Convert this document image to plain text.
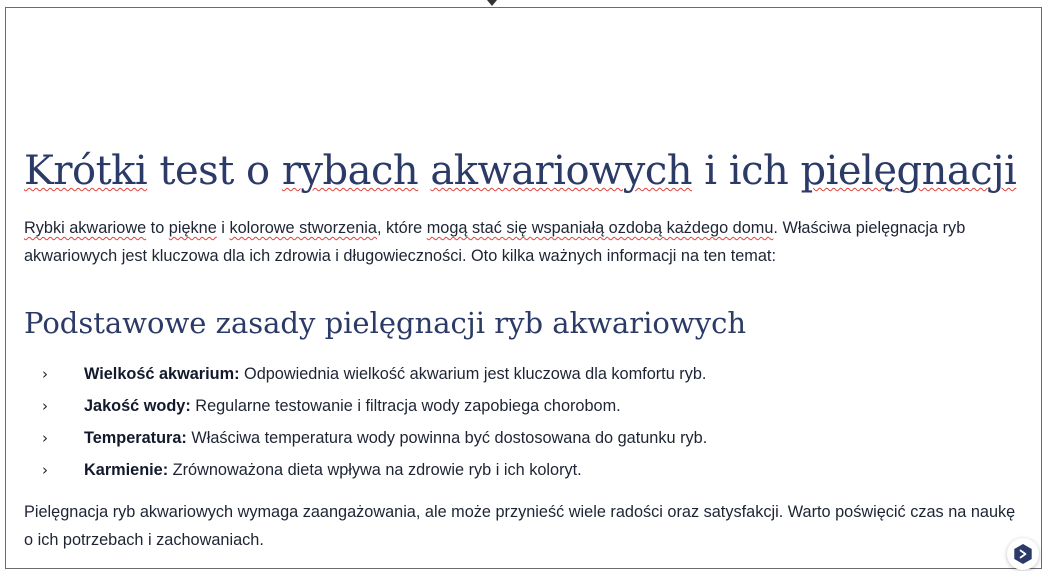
Krótki test o rybach akwariowych i ich pielęgnacji

Rybki akwariowe to piękne i kolorowe stworzenia, które mogą stać się wspaniałą ozdobą każdego domu. Właściwa pielęgnacja ryb akwariowych jest kluczowa dla ich zdrowia i długowieczności. Oto kilka ważnych informacji na ten temat:

Podstawowe zasady pielęgnacji ryb akwariowych
› Wielkość akwarium: Odpowiednia wielkość akwarium jest kluczowa dla komfortu ryb.
› Jakość wody: Regularne testowanie i filtracja wody zapobiega chorobom.
› Temperatura: Właściwa temperatura wody powinna być dostosowana do gatunku ryb.
› Karmienie: Zrównoważona dieta wpływa na zdrowie ryb i ich koloryt.

Pielęgnacja ryb akwariowych wymaga zaangażowania, ale może przynieść wiele radości oraz satysfakcji. Warto poświęcić czas na naukę o ich potrzebach i zachowaniach.
